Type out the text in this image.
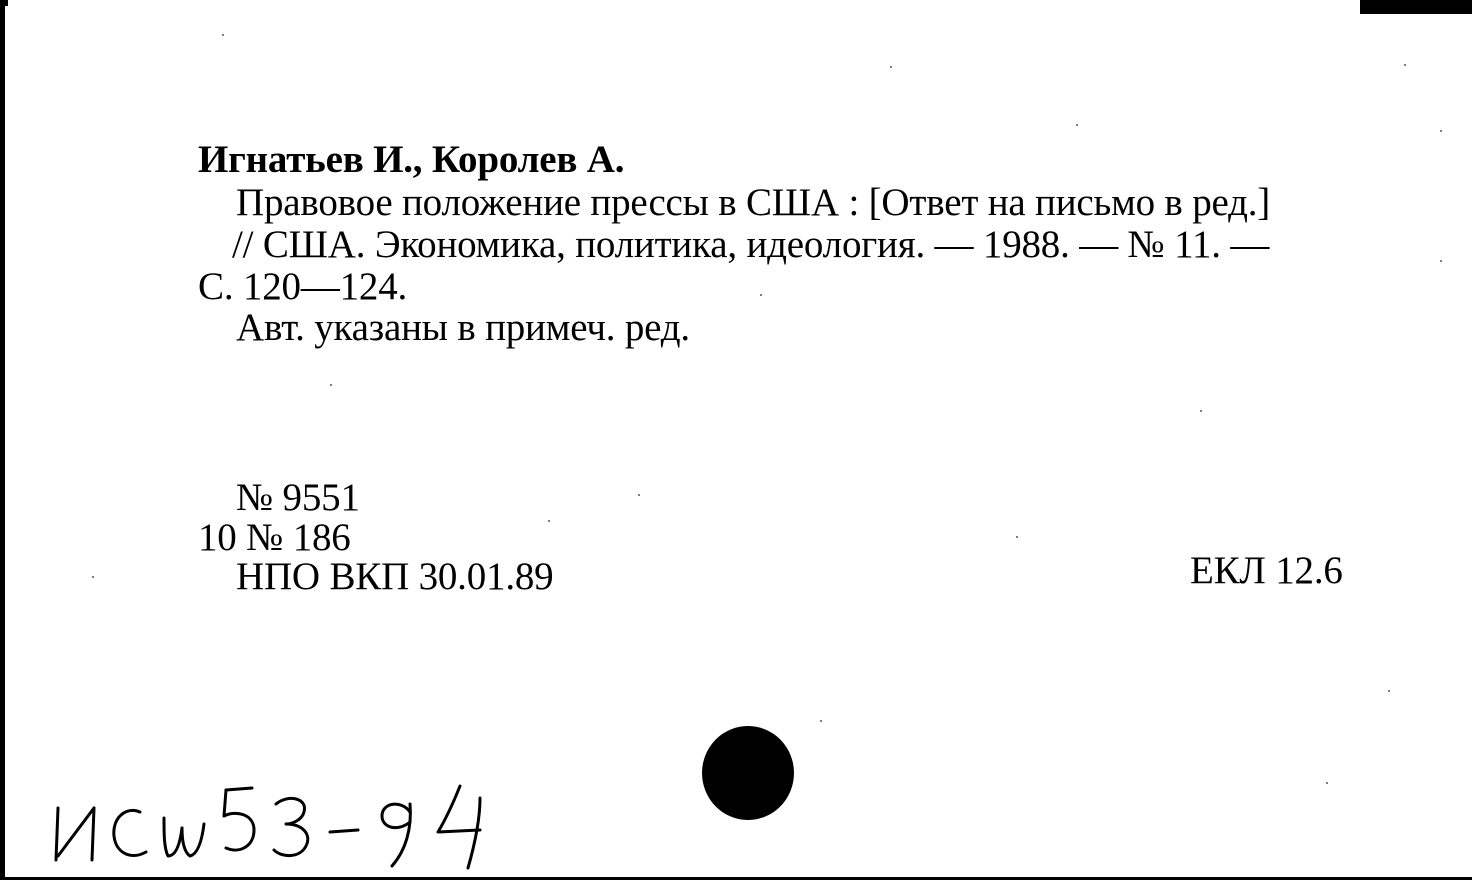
Игнатьев И., Королев А.
Правовое положение прессы в США : [Ответ на письмо в ред.]
// США. Экономика, политика, идеология. — 1988. — № 11. —
С. 120—124.
Авт. указаны в примеч. ред.
№ 9551
10 № 186
НПО ВКП 30.01.89	ЕКЛ 12.6
